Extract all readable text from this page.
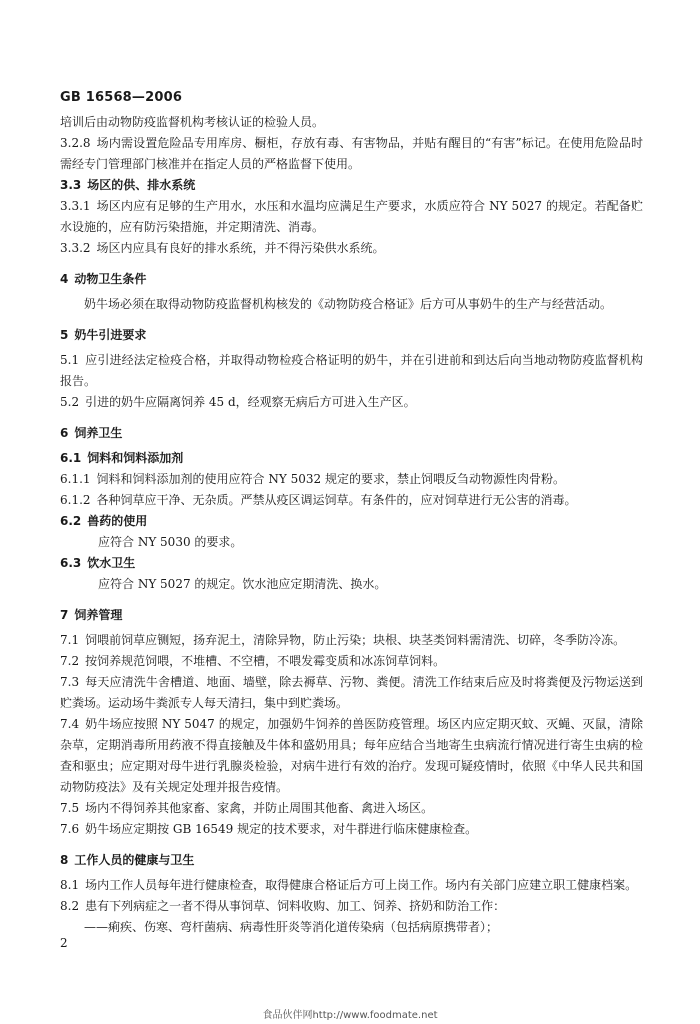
GB 16568—2006

培训后由动物防疫监督机构考核认证的检验人员。

3.2.8 场内需设置危险品专用库房、橱柜，存放有毒、有害物品，并贴有醒目的“有害”标记。在使用危险品时需经专门管理部门核准并在指定人员的严格监督下使用。

3.3 场区的供、排水系统

3.3.1 场区内应有足够的生产用水，水压和水温均应满足生产要求，水质应符合 NY 5027 的规定。若配备贮水设施的，应有防污染措施，并定期清洗、消毒。

3.3.2 场区内应具有良好的排水系统，并不得污染供水系统。

4 动物卫生条件

奶牛场必须在取得动物防疫监督机构核发的《动物防疫合格证》后方可从事奶牛的生产与经营活动。

5 奶牛引进要求

5.1 应引进经法定检疫合格，并取得动物检疫合格证明的奶牛，并在引进前和到达后向当地动物防疫监督机构报告。

5.2 引进的奶牛应隔离饲养 45 d，经观察无病后方可进入生产区。

6 饲养卫生

6.1 饲料和饲料添加剂

6.1.1 饲料和饲料添加剂的使用应符合 NY 5032 规定的要求，禁止饲喂反刍动物源性肉骨粉。

6.1.2 各种饲草应干净、无杂质。严禁从疫区调运饲草。有条件的，应对饲草进行无公害的消毒。

6.2 兽药的使用

应符合 NY 5030 的要求。

6.3 饮水卫生

应符合 NY 5027 的规定。饮水池应定期清洗、换水。

7 饲养管理

7.1 饲喂前饲草应铡短，扬弃泥土，清除异物，防止污染；块根、块茎类饲料需清洗、切碎，冬季防冷冻。

7.2 按饲养规范饲喂，不堆槽、不空槽，不喂发霉变质和冰冻饲草饲料。

7.3 每天应清洗牛舍槽道、地面、墙壁，除去褥草、污物、粪便。清洗工作结束后应及时将粪便及污物运送到贮粪场。运动场牛粪派专人每天清扫，集中到贮粪场。

7.4 奶牛场应按照 NY 5047 的规定，加强奶牛饲养的兽医防疫管理。场区内应定期灭蚊、灭蝇、灭鼠，清除杂草，定期消毒所用药液不得直接触及牛体和盛奶用具；每年应结合当地寄生虫病流行情况进行寄生虫病的检查和驱虫；应定期对母牛进行乳腺炎检验，对病牛进行有效的治疗。发现可疑疫情时，依照《中华人民共和国动物防疫法》及有关规定处理并报告疫情。

7.5 场内不得饲养其他家畜、家禽，并防止周围其他畜、禽进入场区。

7.6 奶牛场应定期按 GB 16549 规定的技术要求，对牛群进行临床健康检查。

8 工作人员的健康与卫生

8.1 场内工作人员每年进行健康检查，取得健康合格证后方可上岗工作。场内有关部门应建立职工健康档案。

8.2 患有下列病症之一者不得从事饲草、饲料收购、加工、饲养、挤奶和防治工作：

——痢疾、伤寒、弯杆菌病、病毒性肝炎等消化道传染病（包括病原携带者）；

2
食品伙伴网http://www.foodmate.net
